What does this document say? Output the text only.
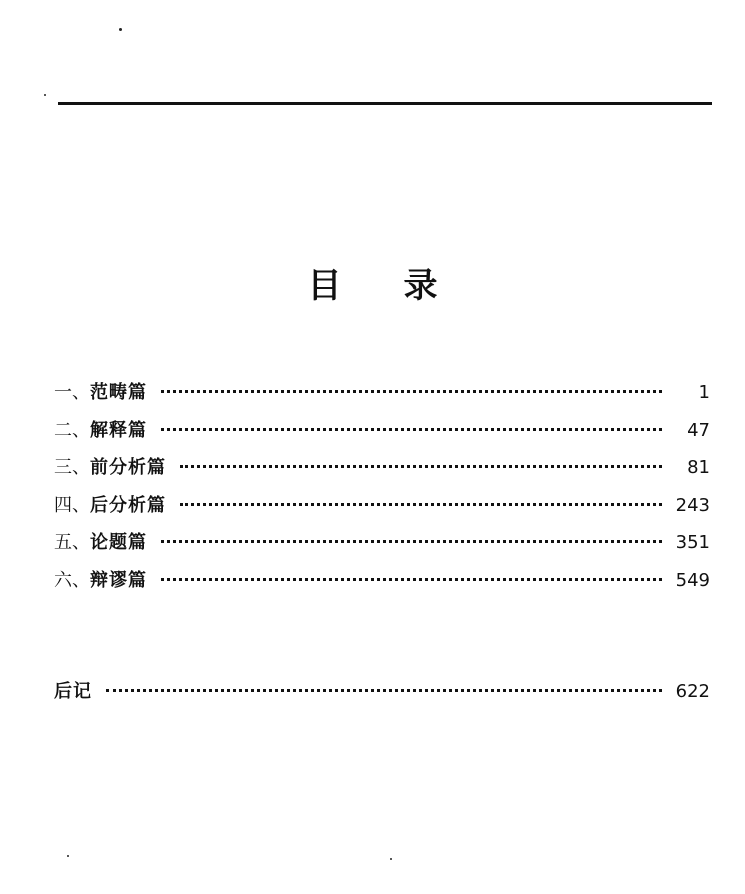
目 录
一、 范畴篇	1
二、 解释篇	47
三、 前分析篇	81
四、 后分析篇	243
五、 论题篇	351
六、 辩谬篇	549
后记	622
